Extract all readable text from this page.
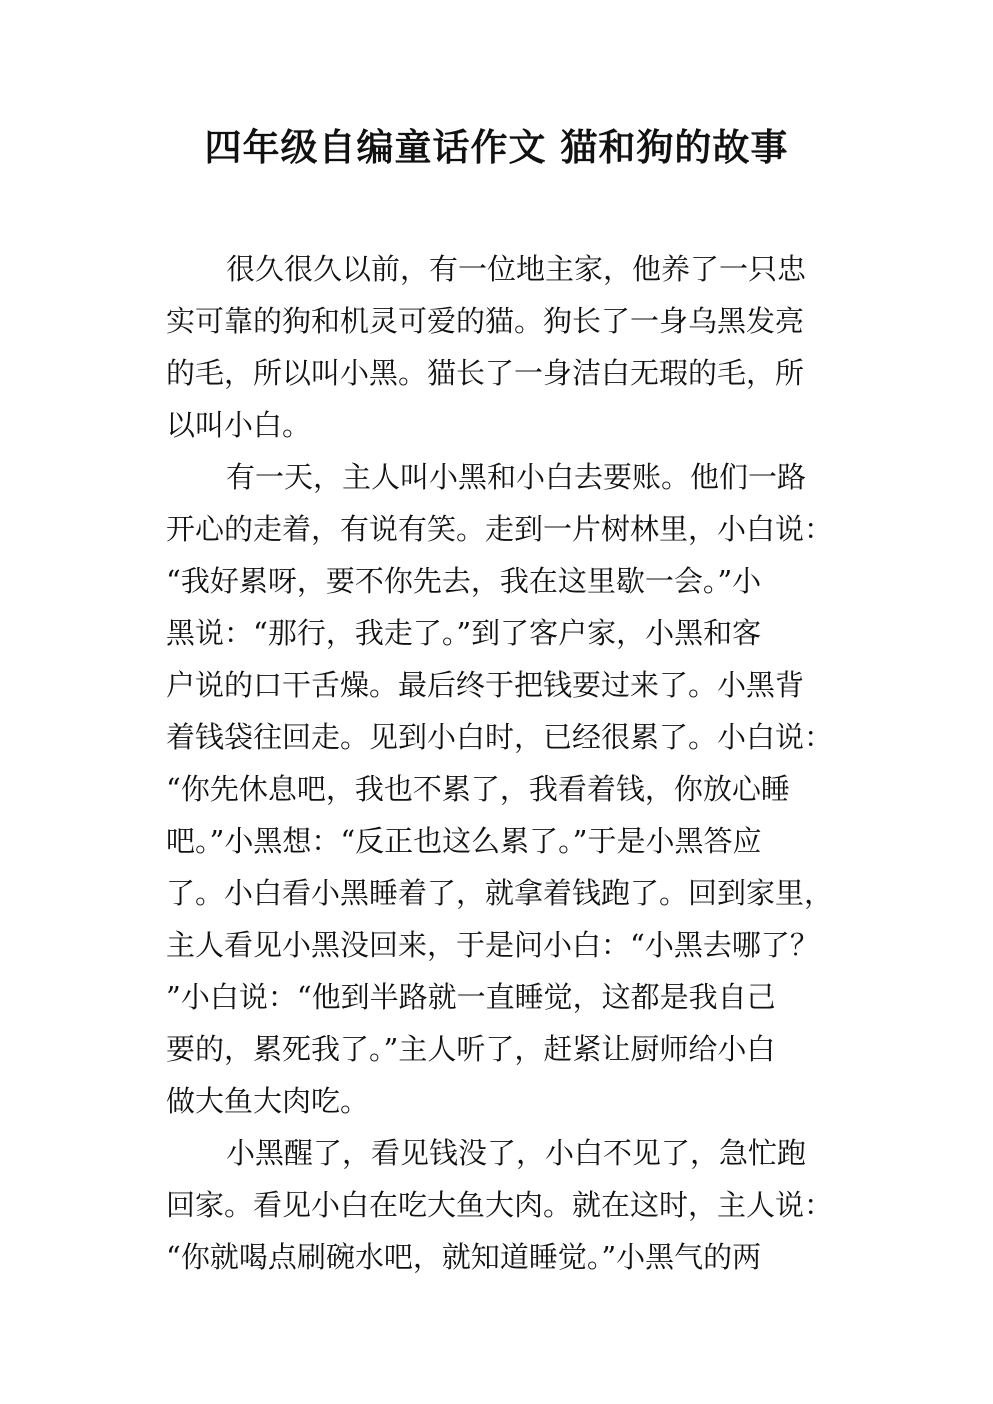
四年级自编童话作文 猫和狗的故事
很久很久以前，有一位地主家，他养了一只忠
实可靠的狗和机灵可爱的猫。狗长了一身乌黑发亮
的毛，所以叫小黑。猫长了一身洁白无瑕的毛，所
以叫小白。
有一天，主人叫小黑和小白去要账。他们一路
开心的走着，有说有笑。走到一片树林里，小白说：
“我好累呀，要不你先去，我在这里歇一会。”小
黑说：“那行，我走了。”到了客户家，小黑和客
户说的口干舌燥。最后终于把钱要过来了。小黑背
着钱袋往回走。见到小白时，已经很累了。小白说：
“你先休息吧，我也不累了，我看着钱，你放心睡
吧。”小黑想：“反正也这么累了。”于是小黑答应
了。小白看小黑睡着了，就拿着钱跑了。回到家里，
主人看见小黑没回来，于是问小白：“小黑去哪了？
”小白说：“他到半路就一直睡觉，这都是我自己
要的，累死我了。”主人听了，赶紧让厨师给小白
做大鱼大肉吃。
小黑醒了，看见钱没了，小白不见了，急忙跑
回家。看见小白在吃大鱼大肉。就在这时，主人说：
“你就喝点刷碗水吧，就知道睡觉。”小黑气的两
